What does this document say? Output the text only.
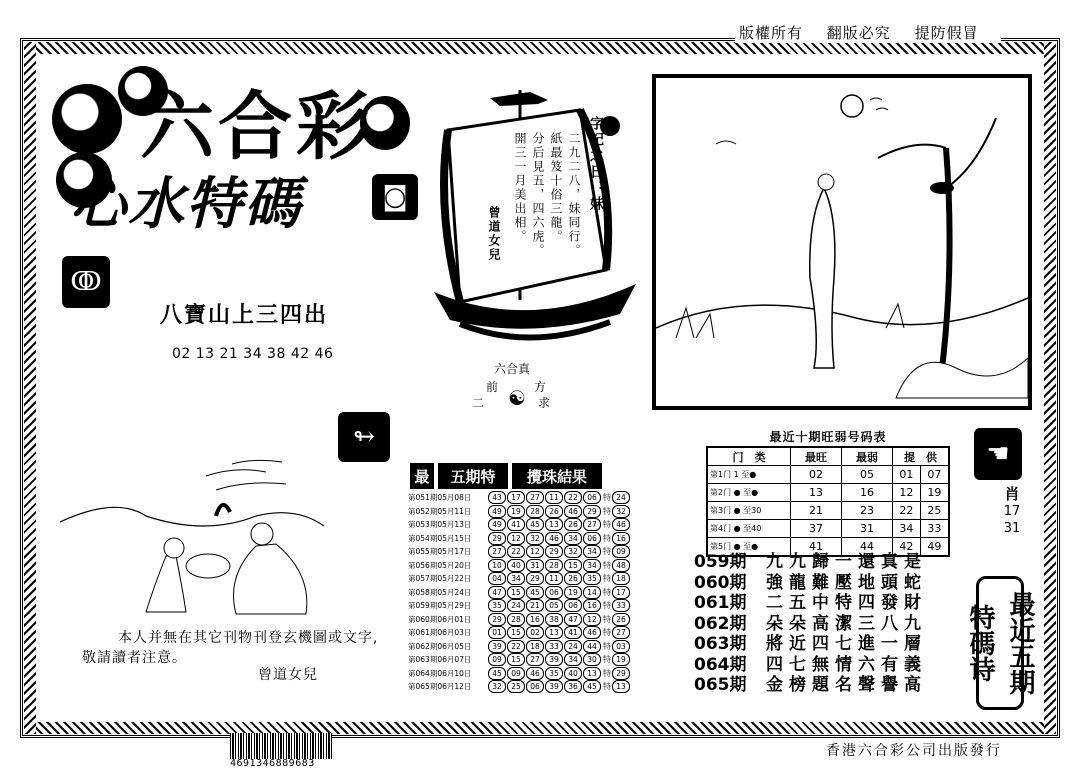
版權所有 翻版必究 提防假冒
六合彩
心水特碼	◙
ↂ
八寶山上三四出
02 13 21 34 38 42 46
字記之日：妹
二九二八，妹同行。
紙最笈十俗三龍。
分后見五，四六虎。
開三一月美出相。
曾道女兒
六合真
前	方
二	求
☯
↬
本人并無在其它刊物刊登玄機圖或文字,
敬請讀者注意。
曾道女兒
最	五期特	攪珠結果
第051期05月08日	43	17	27	11	22	06 特 24
第052期05月11日	49	19	28	26	46	29 特 32
第053期05月13日	49	41	45	13	26	27 特 46
第054期05月15日	29	12	32	46	34	06 特 16
第055期05月17日	27	22	12	29	32	34 特 09
第056期05月20日	10	40	31	28	15	34 特 48
第057期05月22日	04	34	29	11	26	35 特 18
第058期05月24日	47	15	45	06	19	14 特 17
第059期05月29日	35	24	21	05	06	16 特 33
第060期06月01日	29	28	16	38	47	12 特 26
第061期06月03日	01	15	02	13	41	46 特 27
第062期06月05日	39	22	18	33	24	44 特 03
第063期06月07日	09	15	27	39	34	30 特 19
第064期06月10日	45	09	46	35	40	13 特 29
第065期06月12日	32	25	06	39	36	45 特 13
最近十期旺弱号码表
门　类	最旺	最弱	提　供	
第1门 1 至●	02	05	01	07
第2门 ● 至●	13	16	12	19
第3门 ● 至30	21	23	22	25
第4门 ● 至40	37	31	34	33
第5门 ● 至●	41	44	42	49
059期	九九歸一還真是
060期	強龍難壓地頭蛇
061期	二五中特四發財
062期	朵朵高潔三八九
063期	將近四七進一層
064期	四七無情六有義
065期	金榜題名聲譽高
☚
肖
17
31
最近五期特碼诗
4691346889683
香港六合彩公司出版發行
